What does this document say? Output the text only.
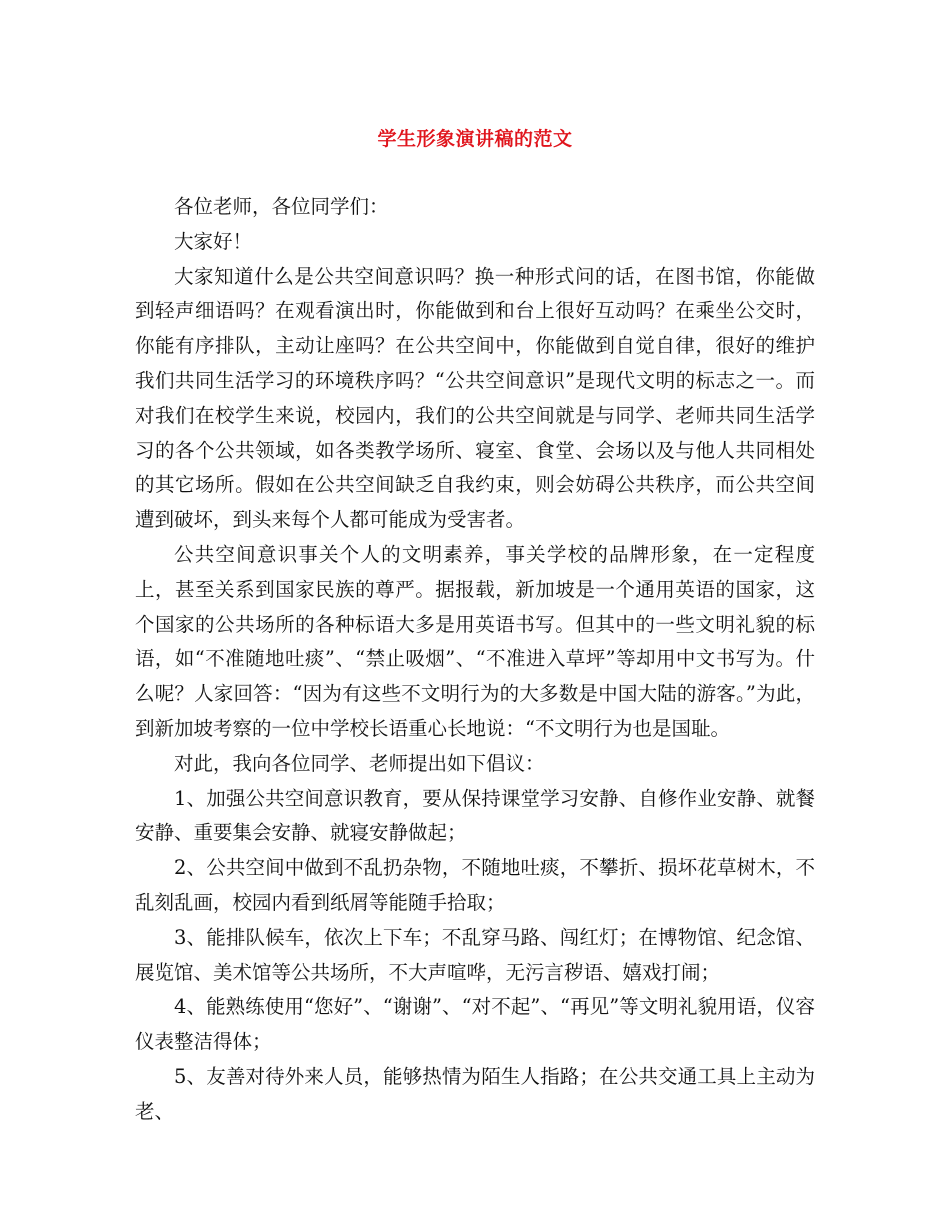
学生形象演讲稿的范文

各位老师，各位同学们：

大家好！

大家知道什么是公共空间意识吗？换一种形式问的话，在图书馆，你能做到轻声细语吗？在观看演出时，你能做到和台上很好互动吗？在乘坐公交时，你能有序排队，主动让座吗？在公共空间中，你能做到自觉自律，很好的维护我们共同生活学习的环境秩序吗？“公共空间意识”是现代文明的标志之一。而对我们在校学生来说，校园内，我们的公共空间就是与同学、老师共同生活学习的各个公共领域，如各类教学场所、寝室、食堂、会场以及与他人共同相处的其它场所。假如在公共空间缺乏自我约束，则会妨碍公共秩序，而公共空间遭到破坏，到头来每个人都可能成为受害者。

公共空间意识事关个人的文明素养，事关学校的品牌形象，在一定程度上，甚至关系到国家民族的尊严。据报载，新加坡是一个通用英语的国家，这个国家的公共场所的各种标语大多是用英语书写。但其中的一些文明礼貌的标语，如“不准随地吐痰”、“禁止吸烟”、“不准进入草坪”等却用中文书写为。什么呢？人家回答：“因为有这些不文明行为的大多数是中国大陆的游客。”为此，到新加坡考察的一位中学校长语重心长地说：“不文明行为也是国耻。

对此，我向各位同学、老师提出如下倡议：

1、加强公共空间意识教育，要从保持课堂学习安静、自修作业安静、就餐安静、重要集会安静、就寝安静做起；

2、公共空间中做到不乱扔杂物，不随地吐痰，不攀折、损坏花草树木，不乱刻乱画，校园内看到纸屑等能随手拾取；

3、能排队候车，依次上下车；不乱穿马路、闯红灯；在博物馆、纪念馆、展览馆、美术馆等公共场所，不大声喧哗，无污言秽语、嬉戏打闹；

4、能熟练使用“您好”、“谢谢”、“对不起”、“再见”等文明礼貌用语，仪容仪表整洁得体；

5、友善对待外来人员，能够热情为陌生人指路；在公共交通工具上主动为老、
